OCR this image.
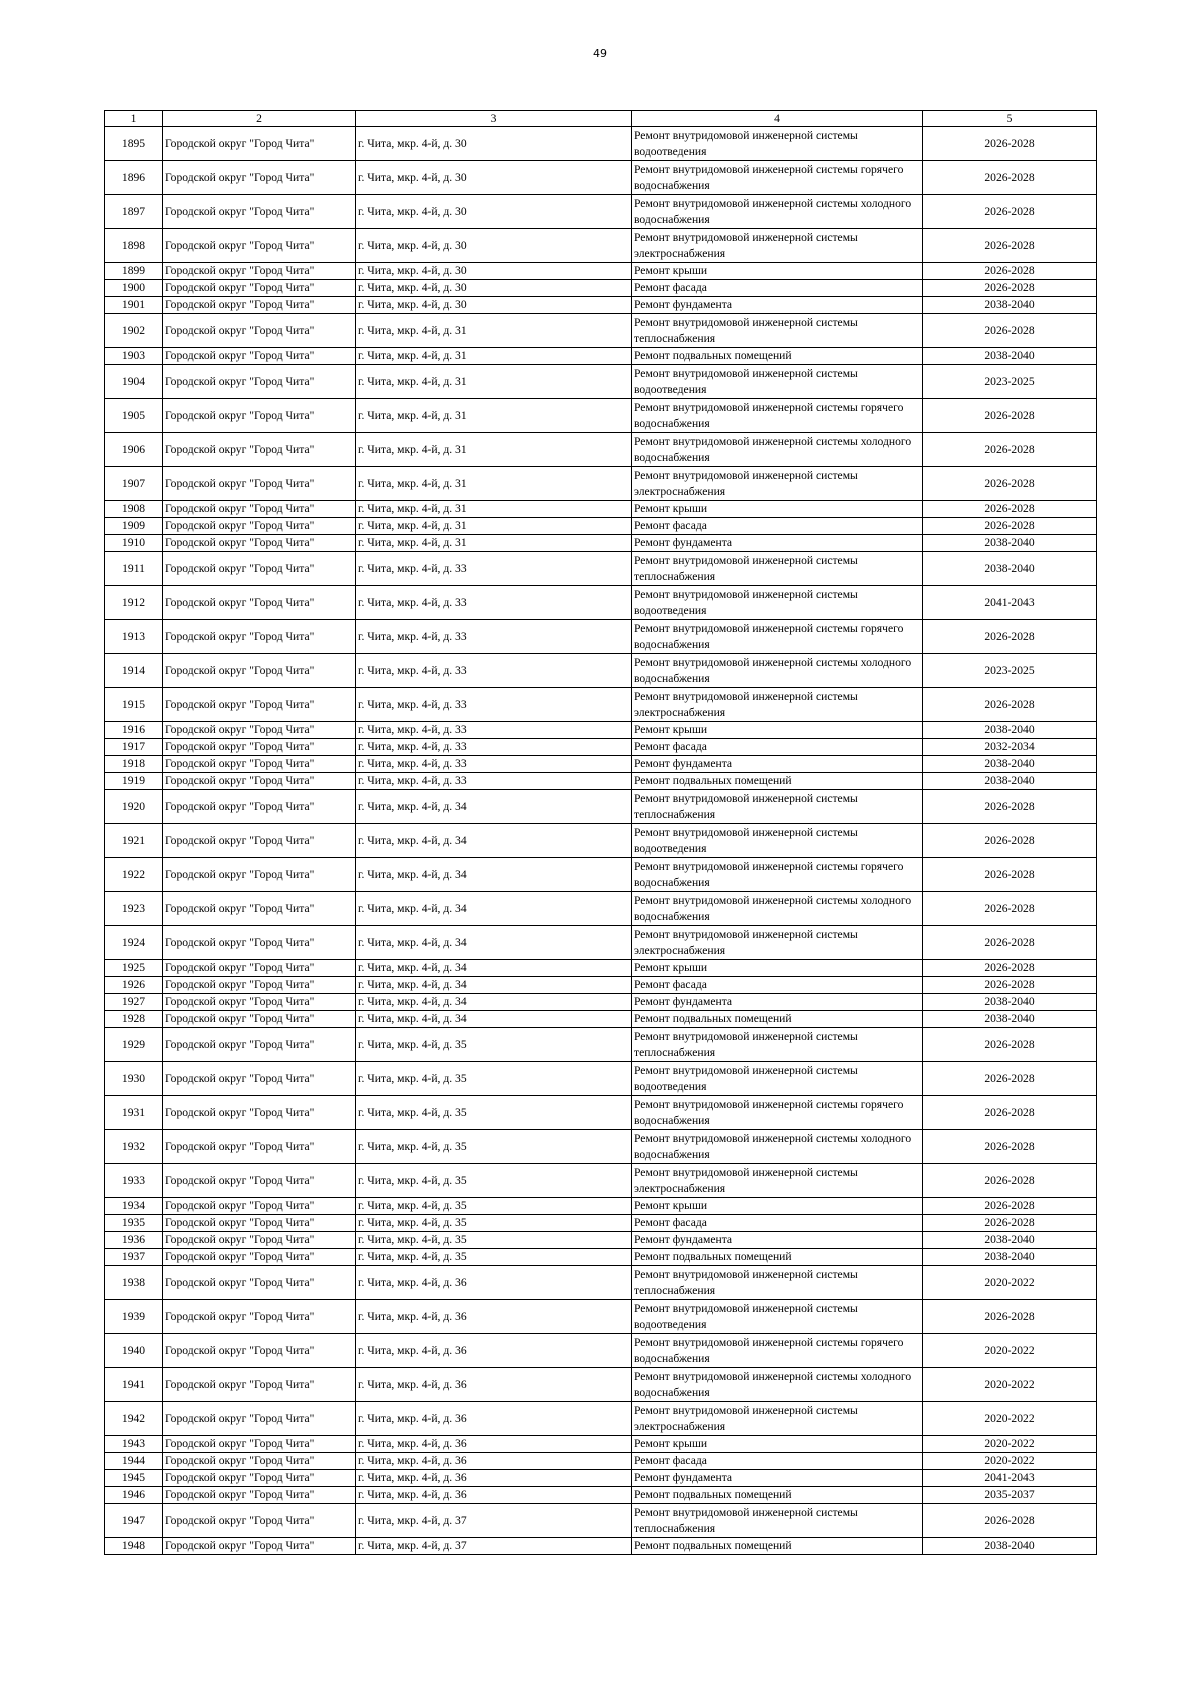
49
1	2	3	4	5
1895	Городской округ "Город Чита"	г. Чита, мкр. 4-й, д. 30	Ремонт внутридомовой инженерной системы водоотведения	2026-2028
1896	Городской округ "Город Чита"	г. Чита, мкр. 4-й, д. 30	Ремонт внутридомовой инженерной системы горячего водоснабжения	2026-2028
1897	Городской округ "Город Чита"	г. Чита, мкр. 4-й, д. 30	Ремонт внутридомовой инженерной системы холодного водоснабжения	2026-2028
1898	Городской округ "Город Чита"	г. Чита, мкр. 4-й, д. 30	Ремонт внутридомовой инженерной системы электроснабжения	2026-2028
1899	Городской округ "Город Чита"	г. Чита, мкр. 4-й, д. 30	Ремонт крыши	2026-2028
1900	Городской округ "Город Чита"	г. Чита, мкр. 4-й, д. 30	Ремонт фасада	2026-2028
1901	Городской округ "Город Чита"	г. Чита, мкр. 4-й, д. 30	Ремонт фундамента	2038-2040
1902	Городской округ "Город Чита"	г. Чита, мкр. 4-й, д. 31	Ремонт внутридомовой инженерной системы теплоснабжения	2026-2028
1903	Городской округ "Город Чита"	г. Чита, мкр. 4-й, д. 31	Ремонт подвальных помещений	2038-2040
1904	Городской округ "Город Чита"	г. Чита, мкр. 4-й, д. 31	Ремонт внутридомовой инженерной системы водоотведения	2023-2025
1905	Городской округ "Город Чита"	г. Чита, мкр. 4-й, д. 31	Ремонт внутридомовой инженерной системы горячего водоснабжения	2026-2028
1906	Городской округ "Город Чита"	г. Чита, мкр. 4-й, д. 31	Ремонт внутридомовой инженерной системы холодного водоснабжения	2026-2028
1907	Городской округ "Город Чита"	г. Чита, мкр. 4-й, д. 31	Ремонт внутридомовой инженерной системы электроснабжения	2026-2028
1908	Городской округ "Город Чита"	г. Чита, мкр. 4-й, д. 31	Ремонт крыши	2026-2028
1909	Городской округ "Город Чита"	г. Чита, мкр. 4-й, д. 31	Ремонт фасада	2026-2028
1910	Городской округ "Город Чита"	г. Чита, мкр. 4-й, д. 31	Ремонт фундамента	2038-2040
1911	Городской округ "Город Чита"	г. Чита, мкр. 4-й, д. 33	Ремонт внутридомовой инженерной системы теплоснабжения	2038-2040
1912	Городской округ "Город Чита"	г. Чита, мкр. 4-й, д. 33	Ремонт внутридомовой инженерной системы водоотведения	2041-2043
1913	Городской округ "Город Чита"	г. Чита, мкр. 4-й, д. 33	Ремонт внутридомовой инженерной системы горячего водоснабжения	2026-2028
1914	Городской округ "Город Чита"	г. Чита, мкр. 4-й, д. 33	Ремонт внутридомовой инженерной системы холодного водоснабжения	2023-2025
1915	Городской округ "Город Чита"	г. Чита, мкр. 4-й, д. 33	Ремонт внутридомовой инженерной системы электроснабжения	2026-2028
1916	Городской округ "Город Чита"	г. Чита, мкр. 4-й, д. 33	Ремонт крыши	2038-2040
1917	Городской округ "Город Чита"	г. Чита, мкр. 4-й, д. 33	Ремонт фасада	2032-2034
1918	Городской округ "Город Чита"	г. Чита, мкр. 4-й, д. 33	Ремонт фундамента	2038-2040
1919	Городской округ "Город Чита"	г. Чита, мкр. 4-й, д. 33	Ремонт подвальных помещений	2038-2040
1920	Городской округ "Город Чита"	г. Чита, мкр. 4-й, д. 34	Ремонт внутридомовой инженерной системы теплоснабжения	2026-2028
1921	Городской округ "Город Чита"	г. Чита, мкр. 4-й, д. 34	Ремонт внутридомовой инженерной системы водоотведения	2026-2028
1922	Городской округ "Город Чита"	г. Чита, мкр. 4-й, д. 34	Ремонт внутридомовой инженерной системы горячего водоснабжения	2026-2028
1923	Городской округ "Город Чита"	г. Чита, мкр. 4-й, д. 34	Ремонт внутридомовой инженерной системы холодного водоснабжения	2026-2028
1924	Городской округ "Город Чита"	г. Чита, мкр. 4-й, д. 34	Ремонт внутридомовой инженерной системы электроснабжения	2026-2028
1925	Городской округ "Город Чита"	г. Чита, мкр. 4-й, д. 34	Ремонт крыши	2026-2028
1926	Городской округ "Город Чита"	г. Чита, мкр. 4-й, д. 34	Ремонт фасада	2026-2028
1927	Городской округ "Город Чита"	г. Чита, мкр. 4-й, д. 34	Ремонт фундамента	2038-2040
1928	Городской округ "Город Чита"	г. Чита, мкр. 4-й, д. 34	Ремонт подвальных помещений	2038-2040
1929	Городской округ "Город Чита"	г. Чита, мкр. 4-й, д. 35	Ремонт внутридомовой инженерной системы теплоснабжения	2026-2028
1930	Городской округ "Город Чита"	г. Чита, мкр. 4-й, д. 35	Ремонт внутридомовой инженерной системы водоотведения	2026-2028
1931	Городской округ "Город Чита"	г. Чита, мкр. 4-й, д. 35	Ремонт внутридомовой инженерной системы горячего водоснабжения	2026-2028
1932	Городской округ "Город Чита"	г. Чита, мкр. 4-й, д. 35	Ремонт внутридомовой инженерной системы холодного водоснабжения	2026-2028
1933	Городской округ "Город Чита"	г. Чита, мкр. 4-й, д. 35	Ремонт внутридомовой инженерной системы электроснабжения	2026-2028
1934	Городской округ "Город Чита"	г. Чита, мкр. 4-й, д. 35	Ремонт крыши	2026-2028
1935	Городской округ "Город Чита"	г. Чита, мкр. 4-й, д. 35	Ремонт фасада	2026-2028
1936	Городской округ "Город Чита"	г. Чита, мкр. 4-й, д. 35	Ремонт фундамента	2038-2040
1937	Городской округ "Город Чита"	г. Чита, мкр. 4-й, д. 35	Ремонт подвальных помещений	2038-2040
1938	Городской округ "Город Чита"	г. Чита, мкр. 4-й, д. 36	Ремонт внутридомовой инженерной системы теплоснабжения	2020-2022
1939	Городской округ "Город Чита"	г. Чита, мкр. 4-й, д. 36	Ремонт внутридомовой инженерной системы водоотведения	2026-2028
1940	Городской округ "Город Чита"	г. Чита, мкр. 4-й, д. 36	Ремонт внутридомовой инженерной системы горячего водоснабжения	2020-2022
1941	Городской округ "Город Чита"	г. Чита, мкр. 4-й, д. 36	Ремонт внутридомовой инженерной системы холодного водоснабжения	2020-2022
1942	Городской округ "Город Чита"	г. Чита, мкр. 4-й, д. 36	Ремонт внутридомовой инженерной системы электроснабжения	2020-2022
1943	Городской округ "Город Чита"	г. Чита, мкр. 4-й, д. 36	Ремонт крыши	2020-2022
1944	Городской округ "Город Чита"	г. Чита, мкр. 4-й, д. 36	Ремонт фасада	2020-2022
1945	Городской округ "Город Чита"	г. Чита, мкр. 4-й, д. 36	Ремонт фундамента	2041-2043
1946	Городской округ "Город Чита"	г. Чита, мкр. 4-й, д. 36	Ремонт подвальных помещений	2035-2037
1947	Городской округ "Город Чита"	г. Чита, мкр. 4-й, д. 37	Ремонт внутридомовой инженерной системы теплоснабжения	2026-2028
1948	Городской округ "Город Чита"	г. Чита, мкр. 4-й, д. 37	Ремонт подвальных помещений	2038-2040
